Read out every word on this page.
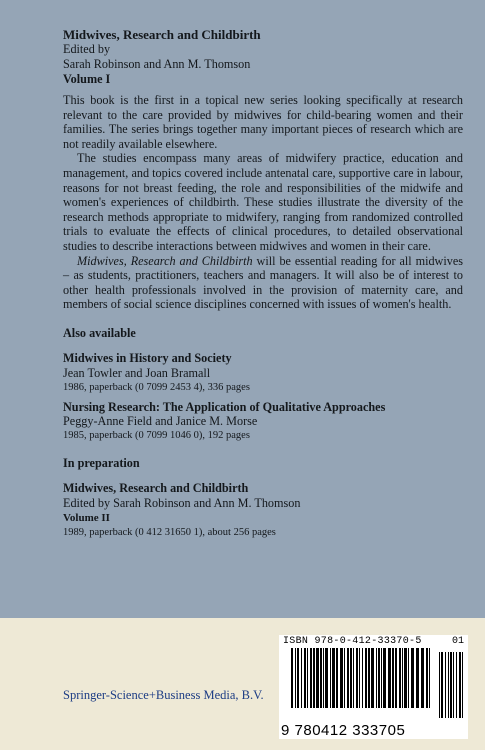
Midwives, Research and Childbirth
Edited by
Sarah Robinson and Ann M. Thomson
Volume I

This book is the first in a topical new series looking specifically at research relevant to the care provided by midwives for child-bearing women and their families. The series brings together many important pieces of research which are not readily available elsewhere.

The studies encompass many areas of midwifery practice, education and management, and topics covered include antenatal care, supportive care in labour, reasons for not breast feeding, the role and responsibilities of the midwife and women's experiences of childbirth. These studies illustrate the diversity of the research methods appropriate to midwifery, ranging from randomized controlled trials to evaluate the effects of clinical procedures, to detailed observational studies to describe interactions between midwives and women in their care.

Midwives, Research and Childbirth will be essential reading for all midwives – as students, practitioners, teachers and managers. It will also be of interest to other health professionals involved in the provision of maternity care, and members of social science disciplines concerned with issues of women's health.

Also available
Midwives in History and Society
Jean Towler and Joan Bramall
1986, paperback (0 7099 2453 4), 336 pages
Nursing Research: The Application of Qualitative Approaches
Peggy-Anne Field and Janice M. Morse
1985, paperback (0 7099 1046 0), 192 pages
In preparation
Midwives, Research and Childbirth
Edited by Sarah Robinson and Ann M. Thomson
Volume II
1989, paperback (0 412 31650 1), about 256 pages
Springer-Science+Business Media, B.V.
ISBN 978-0-412-33370-5	01
9 780412 333705
